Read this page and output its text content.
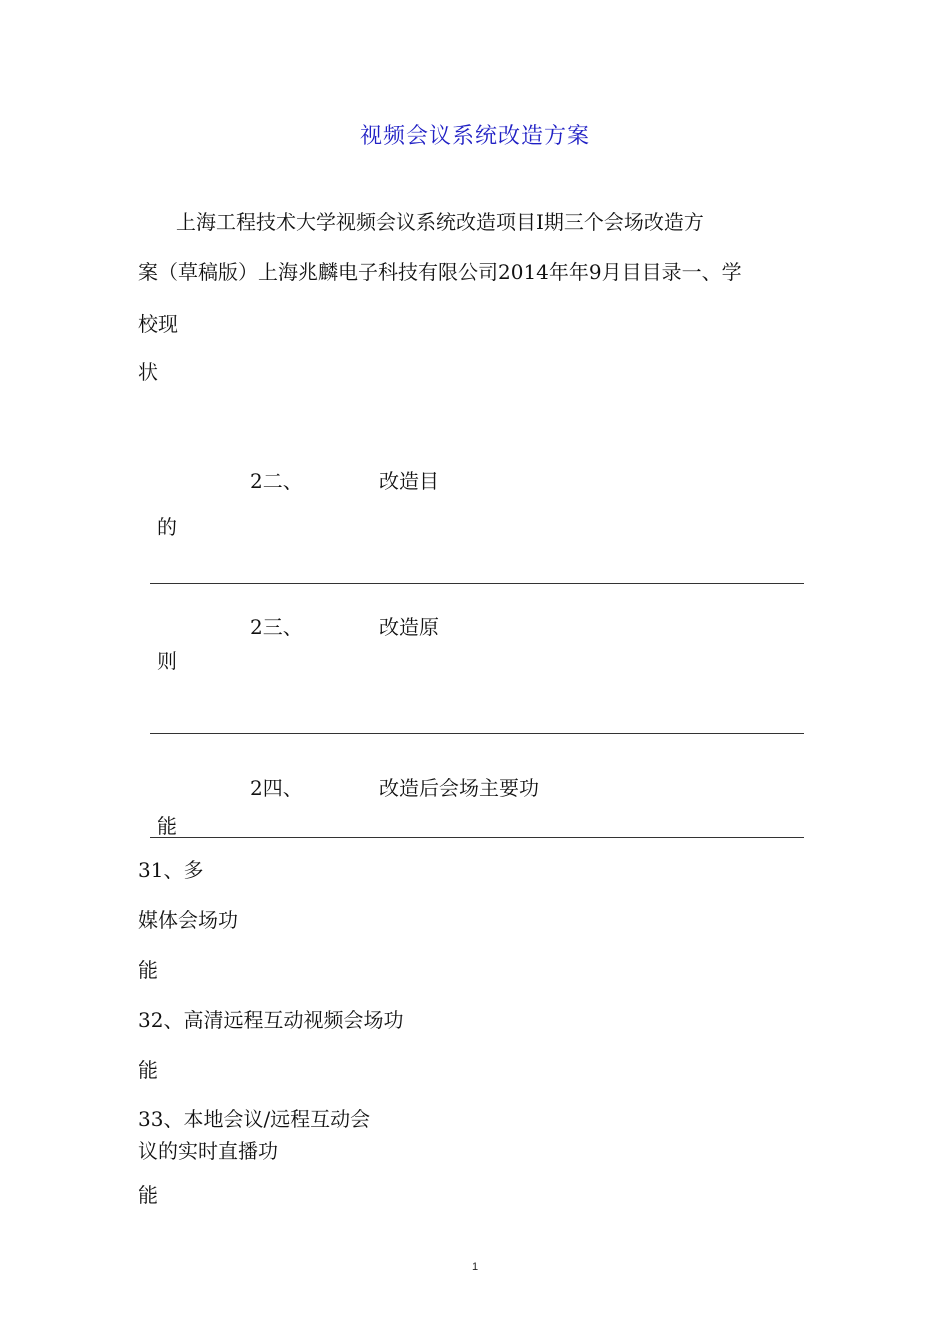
视频会议系统改造方案
上海工程技术大学视频会议系统改造项目Ⅰ期三个会场改造方
案（草稿版）上海兆麟电子科技有限公司2014年年9月目目录一、学
校现
状
2二、	改造目
的
2三、	改造原
则
2四、	改造后会场主要功
能
31、多
媒体会场功
能
32、高清远程互动视频会场功
能
33、本地会议/远程互动会
议的实时直播功
能
1
